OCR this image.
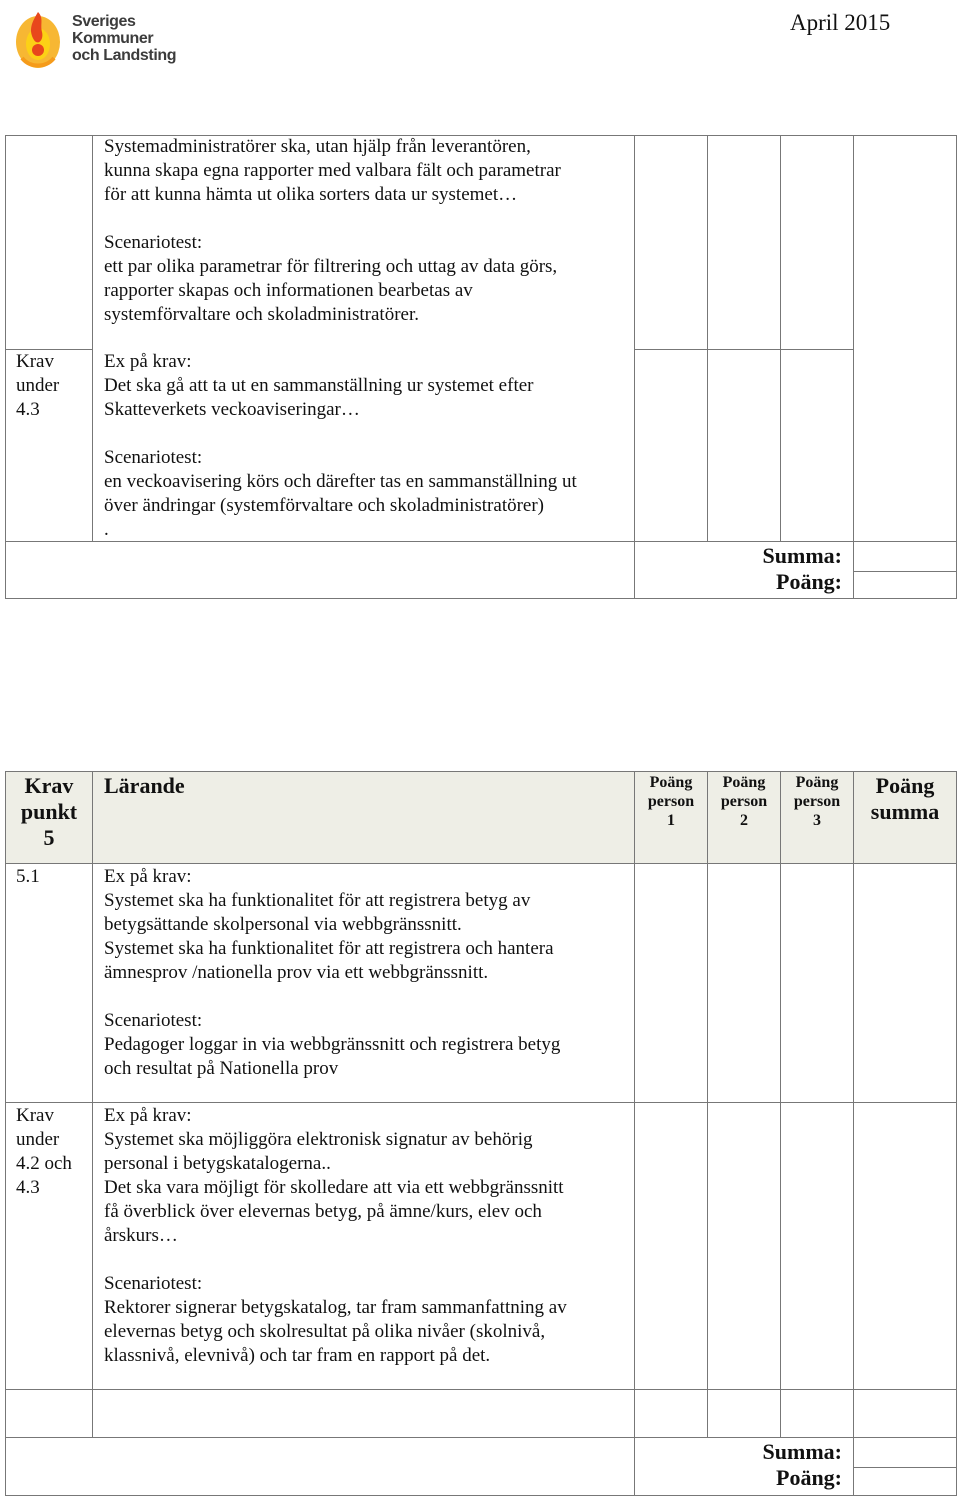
Sveriges
Kommuner
och Landsting
April 2015
Systemadministratörer ska, utan hjälp från leverantören,
kunna skapa egna rapporter med valbara fält och parametrar
för att kunna hämta ut olika sorters data ur systemet…

Scenariotest:
ett par olika parametrar för filtrering och uttag av data görs,
rapporter skapas och informationen bearbetas av
systemförvaltare och skoladministratörer.
Krav
under
4.3
Ex på krav:
Det ska gå att ta ut en sammanställning ur systemet efter
Skatteverkets veckoaviseringar…

Scenariotest:
en veckoavisering körs och därefter tas en sammanställning ut
över ändringar (systemförvaltare och skoladministratörer)
.
Summa:
Poäng:
Krav
punkt
5
Lärande	Poäng
person
1
Poäng
person
2
Poäng
person
3
Poäng
summa
5.1	Ex på krav:
Systemet ska ha funktionalitet för att registrera betyg av
betygsättande skolpersonal via webbgränssnitt.
Systemet ska ha funktionalitet för att registrera och hantera
ämnesprov /nationella prov via ett webbgränssnitt.

Scenariotest:
Pedagoger loggar in via webbgränssnitt och registrera betyg
och resultat på Nationella prov
Krav
under
4.2 och
4.3
Ex på krav:
Systemet ska möjliggöra elektronisk signatur av behörig
personal i betygskatalogerna..
Det ska vara möjligt för skolledare att via ett webbgränssnitt
få överblick över elevernas betyg, på ämne/kurs, elev och
årskurs…

Scenariotest:
Rektorer signerar betygskatalog, tar fram sammanfattning av
elevernas betyg och skolresultat på olika nivåer (skolnivå,
klassnivå, elevnivå) och tar fram en rapport på det.
Summa:
Poäng:
